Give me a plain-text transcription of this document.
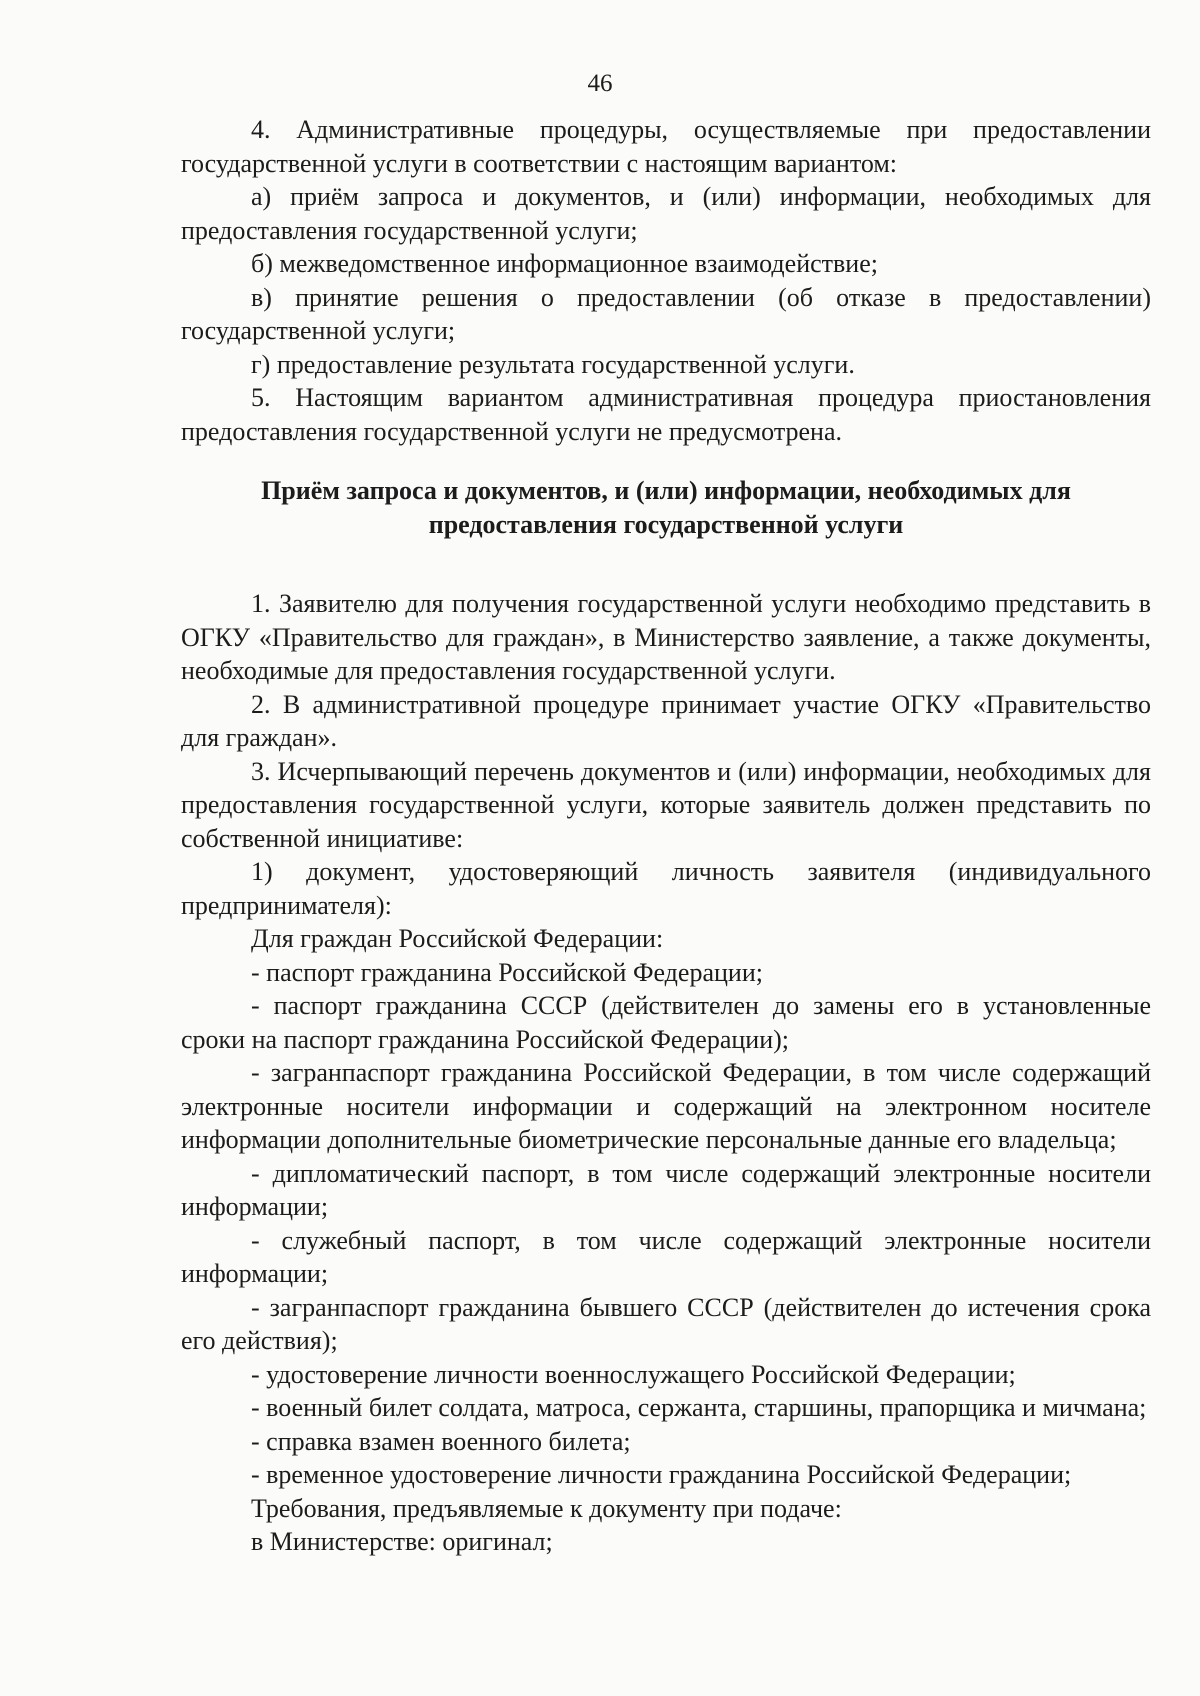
46

4. Административные процедуры, осуществляемые при предоставлении государственной услуги в соответствии с настоящим вариантом:

а) приём запроса и документов, и (или) информации, необходимых для предоставления государственной услуги;

б) межведомственное информационное взаимодействие;

в) принятие решения о предоставлении (об отказе в предоставлении) государственной услуги;

г) предоставление результата государственной услуги.

5. Настоящим вариантом административная процедура приостановления предоставления государственной услуги не предусмотрена.

Приём запроса и документов, и (или) информации, необходимых для предоставления государственной услуги

1. Заявителю для получения государственной услуги необходимо представить в ОГКУ «Правительство для граждан», в Министерство заявление, а также документы, необходимые для предоставления государственной услуги.

2. В административной процедуре принимает участие ОГКУ «Правительство для граждан».

3. Исчерпывающий перечень документов и (или) информации, необходимых для предоставления государственной услуги, которые заявитель должен представить по собственной инициативе:

1) документ, удостоверяющий личность заявителя (индивидуального предпринимателя):

Для граждан Российской Федерации:

- паспорт гражданина Российской Федерации;

- паспорт гражданина СССР (действителен до замены его в установленные сроки на паспорт гражданина Российской Федерации);

- загранпаспорт гражданина Российской Федерации, в том числе содержащий электронные носители информации и содержащий на электронном носителе информации дополнительные биометрические персональные данные его владельца;

- дипломатический паспорт, в том числе содержащий электронные носители информации;

- служебный паспорт, в том числе содержащий электронные носители информации;

- загранпаспорт гражданина бывшего СССР (действителен до истечения срока его действия);

- удостоверение личности военнослужащего Российской Федерации;

- военный билет солдата, матроса, сержанта, старшины, прапорщика и мичмана;

- справка взамен военного билета;

- временное удостоверение личности гражданина Российской Федерации;

Требования, предъявляемые к документу при подаче:

в Министерстве: оригинал;
